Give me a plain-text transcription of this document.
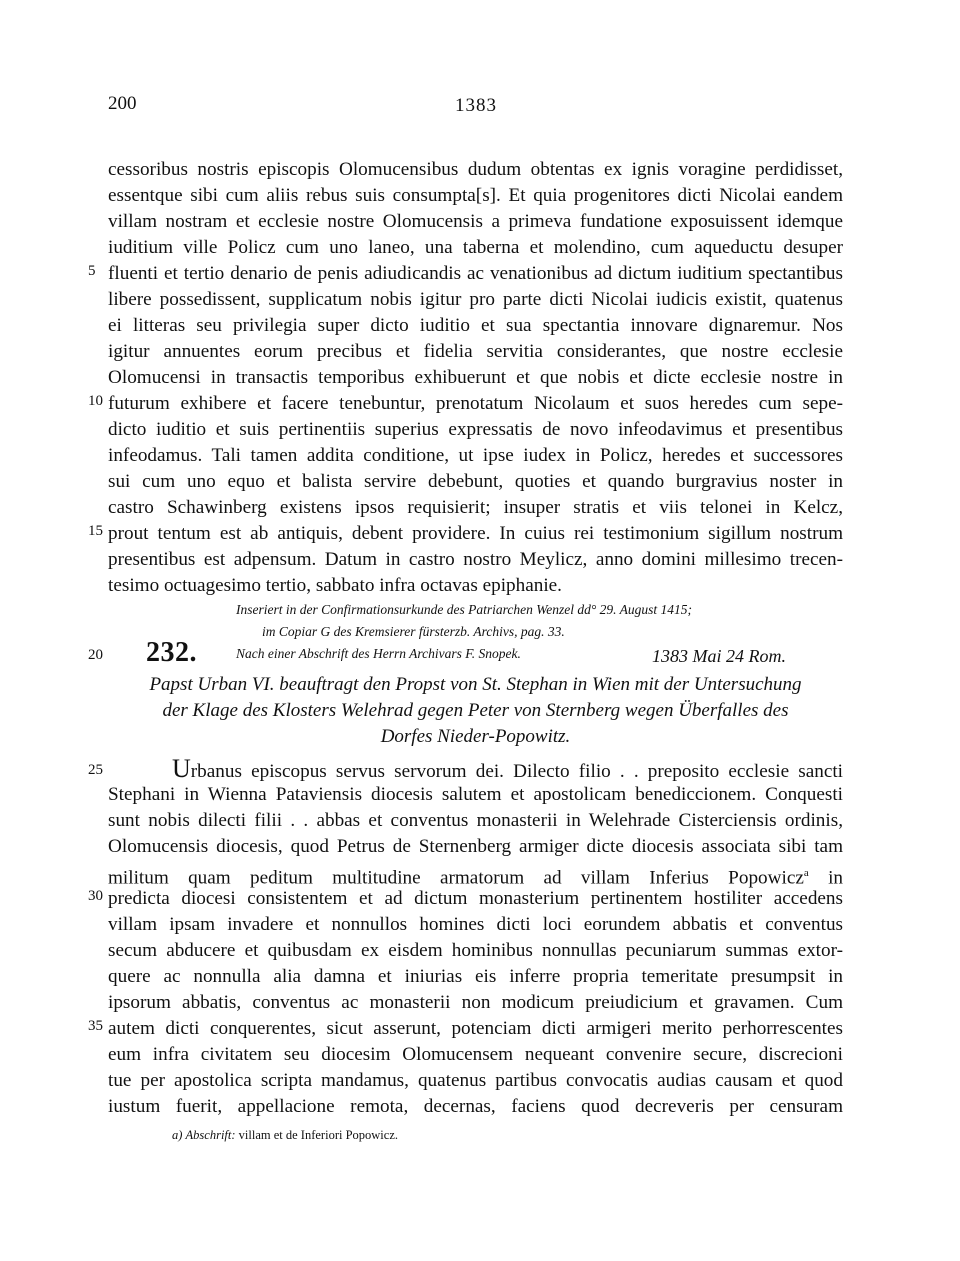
200	1383
cessoribus nostris episcopis Olomucensibus dudum obtentas ex ignis voragine perdidisset,
essentque sibi cum aliis rebus suis consumpta[s]. Et quia progenitores dicti Nicolai eandem
villam nostram et ecclesie nostre Olomucensis a primeva fundatione exposuissent idemque
iuditium ville Policz cum uno laneo, una taberna et molendino, cum aqueductu desuper
5 fluenti et tertio denario de penis adiudicandis ac venationibus ad dictum iuditium spectantibus
libere possedissent, supplicatum nobis igitur pro parte dicti Nicolai iudicis existit, quatenus
ei litteras seu privilegia super dicto iuditio et sua spectantia innovare dignaremur. Nos
igitur annuentes eorum precibus et fidelia servitia considerantes, que nostre ecclesie
Olomucensi in transactis temporibus exhibuerunt et que nobis et dicte ecclesie nostre in
10 futurum exhibere et facere tenebuntur, prenotatum Nicolaum et suos heredes cum sepe-
dicto iuditio et suis pertinentiis superius expressatis de novo infeodavimus et presentibus
infeodamus. Tali tamen addita conditione, ut ipse iudex in Policz, heredes et successores
sui cum uno equo et balista servire debebunt, quoties et quando burgravius noster in
castro Schawinberg existens ipsos requisierit; insuper stratis et viis telonei in Kelcz,
15 prout tentum est ab antiquis, debent providere. In cuius rei testimonium sigillum nostrum
presentibus est adpensum. Datum in castro nostro Meylicz, anno domini millesimo trecen-
tesimo octuagesimo tertio, sabbato infra octavas epiphanie.
Inseriert in der Confirmationsurkunde des Patriarchen Wenzel dd° 29. August 1415;
im Copiar G des Kremsierer fürsterzb. Archivs, pag. 33.
20	Nach einer Abschrift des Herrn Archivars F. Snopek.
232.	1383 Mai 24 Rom.
Papst Urban VI. beauftragt den Propst von St. Stephan in Wien mit der Untersuchung
der Klage des Klosters Welehrad gegen Peter von Sternberg wegen Überfalles des
Dorfes Nieder-Popowitz.
25	Urbanus episcopus servus servorum dei. Dilecto filio . . preposito ecclesie sancti
Stephani in Wienna Pataviensis diocesis salutem et apostolicam benediccionem. Conquesti
sunt nobis dilecti filii . . abbas et conventus monasterii in Welehrade Cisterciensis ordinis,
Olomucensis diocesis, quod Petrus de Sternenberg armiger dicte diocesis associata sibi tam
militum quam peditum multitudine armatorum ad villam Inferius Popowicz$^a$ in
30 predicta diocesi consistentem et ad dictum monasterium pertinentem hostiliter accedens
villam ipsam invadere et nonnullos homines dicti loci eorundem abbatis et conventus
secum abducere et quibusdam ex eisdem hominibus nonnullas pecuniarum summas extor-
quere ac nonnulla alia damna et iniurias eis inferre propria temeritate presumpsit in
ipsorum abbatis, conventus ac monasterii non modicum preiudicium et gravamen. Cum
35 autem dicti conquerentes, sicut asserunt, potenciam dicti armigeri merito perhorrescentes
eum infra civitatem seu diocesim Olomucensem nequeant convenire secure, discrecioni
tue per apostolica scripta mandamus, quatenus partibus convocatis audias causam et quod
iustum fuerit, appellacione remota, decernas, faciens quod decreveris per censuram
a) Abschrift: villam et de Inferiori Popowicz.
